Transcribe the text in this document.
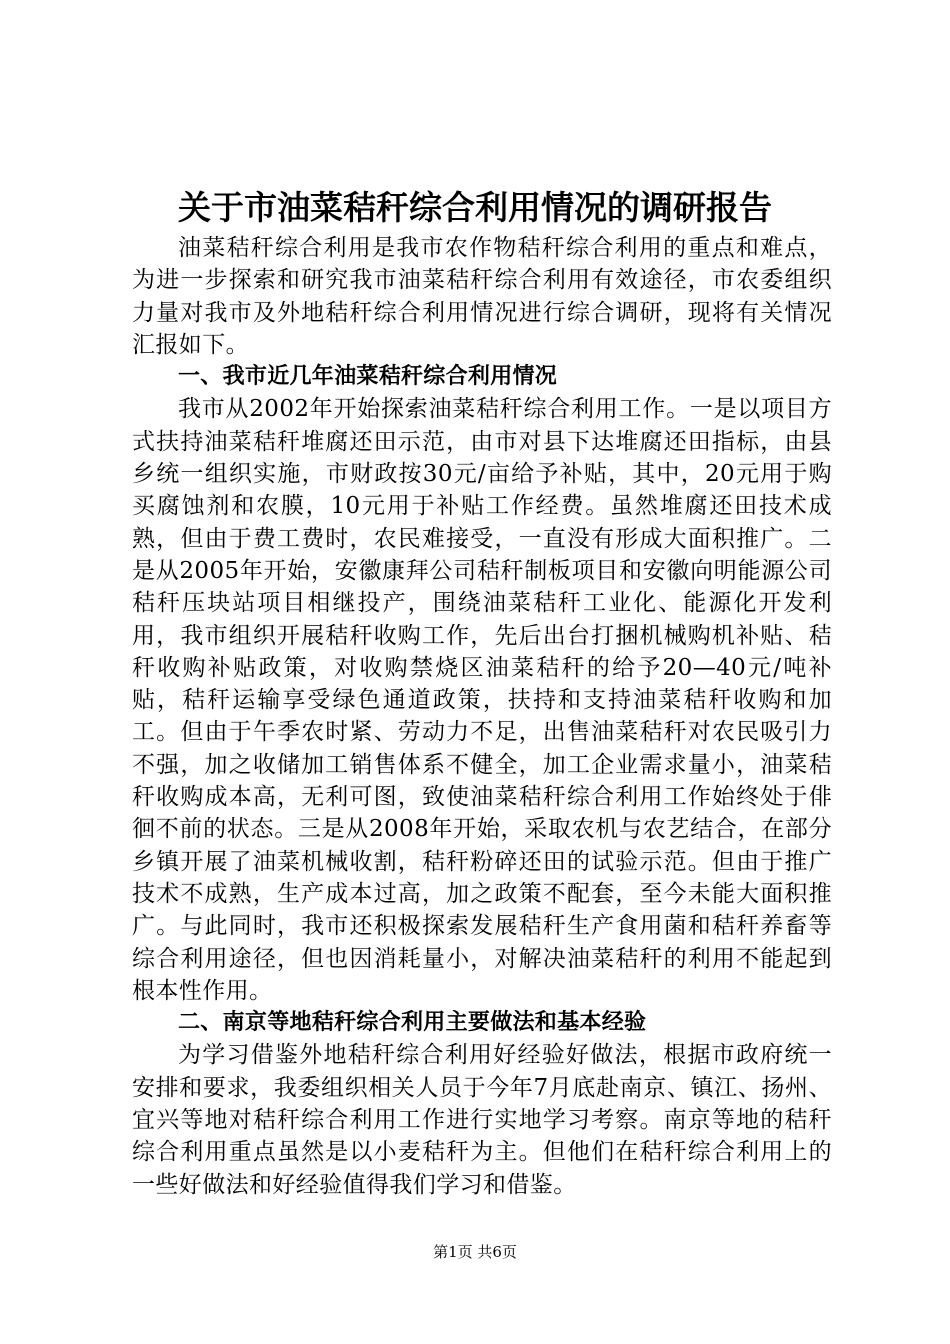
关于市油菜秸秆综合利用情况的调研报告

油菜秸秆综合利用是我市农作物秸秆综合利用的重点和难点，为进一步探索和研究我市油菜秸秆综合利用有效途径，市农委组织力量对我市及外地秸秆综合利用情况进行综合调研，现将有关情况汇报如下。

一、我市近几年油菜秸秆综合利用情况

我市从2002年开始探索油菜秸秆综合利用工作。一是以项目方式扶持油菜秸秆堆腐还田示范，由市对县下达堆腐还田指标，由县乡统一组织实施，市财政按30元/亩给予补贴，其中，20元用于购买腐蚀剂和农膜，10元用于补贴工作经费。虽然堆腐还田技术成熟，但由于费工费时，农民难接受，一直没有形成大面积推广。二是从2005年开始，安徽康拜公司秸秆制板项目和安徽向明能源公司秸秆压块站项目相继投产，围绕油菜秸秆工业化、能源化开发利用，我市组织开展秸秆收购工作，先后出台打捆机械购机补贴、秸秆收购补贴政策，对收购禁烧区油菜秸秆的给予20—40元/吨补贴，秸秆运输享受绿色通道政策，扶持和支持油菜秸秆收购和加工。但由于午季农时紧、劳动力不足，出售油菜秸秆对农民吸引力不强，加之收储加工销售体系不健全，加工企业需求量小，油菜秸秆收购成本高，无利可图，致使油菜秸秆综合利用工作始终处于俳徊不前的状态。三是从2008年开始，采取农机与农艺结合，在部分乡镇开展了油菜机械收割，秸秆粉碎还田的试验示范。但由于推广技术不成熟，生产成本过高，加之政策不配套，至今未能大面积推广。与此同时，我市还积极探索发展秸秆生产食用菌和秸秆养畜等综合利用途径，但也因消耗量小，对解决油菜秸秆的利用不能起到根本性作用。

二、南京等地秸秆综合利用主要做法和基本经验

为学习借鉴外地秸秆综合利用好经验好做法，根据市政府统一安排和要求，我委组织相关人员于今年7月底赴南京、镇江、扬州、宜兴等地对秸秆综合利用工作进行实地学习考察。南京等地的秸秆综合利用重点虽然是以小麦秸秆为主。但他们在秸秆综合利用上的一些好做法和好经验值得我们学习和借鉴。

第1页 共6页
